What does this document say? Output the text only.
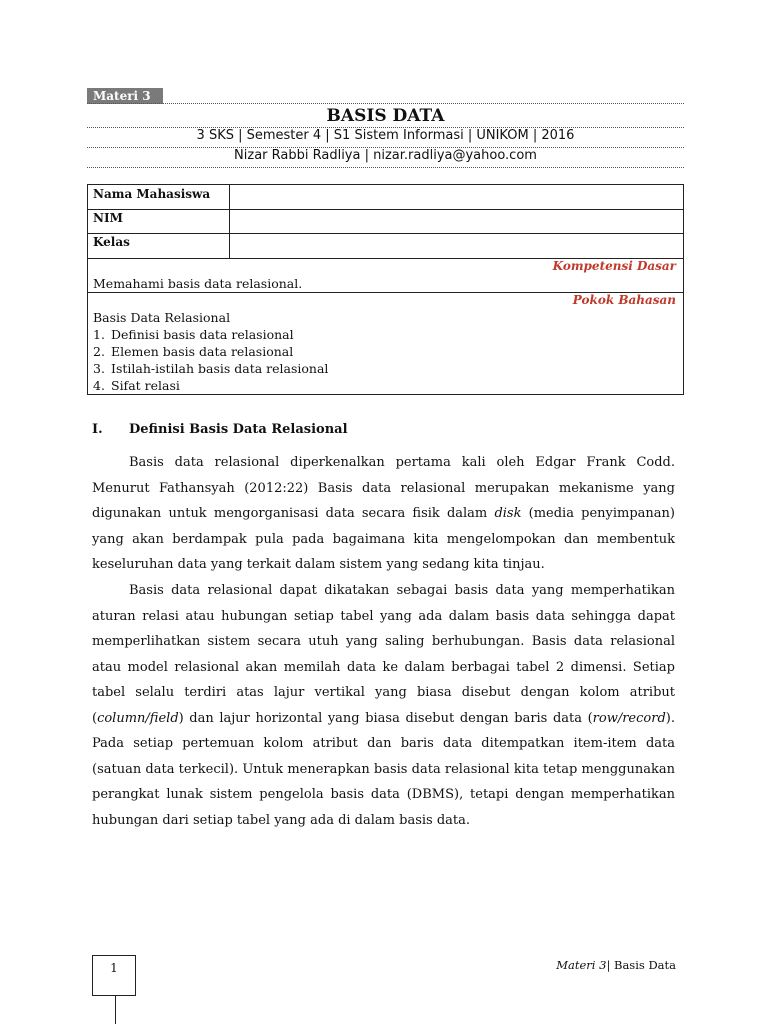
Materi 3
BASIS DATA
3 SKS | Semester 4 | S1 Sistem Informasi | UNIKOM | 2016
Nizar Rabbi Radliya | nizar.radliya@yahoo.com
Nama Mahasiswa
NIM
Kelas
Kompetensi Dasar
Memahami basis data relasional.
Pokok Bahasan
Basis Data Relasional
1. Definisi basis data relasional
2. Elemen basis data relasional
3. Istilah-istilah basis data relasional
4. Sifat relasi
I. Definisi Basis Data Relasional

Basis data relasional diperkenalkan pertama kali oleh Edgar Frank Codd. Menurut Fathansyah (2012:22) Basis data relasional merupakan mekanisme yang digunakan untuk mengorganisasi data secara fisik dalam disk (media penyimpanan) yang akan berdampak pula pada bagaimana kita mengelompokan dan membentuk keseluruhan data yang terkait dalam sistem yang sedang kita tinjau.

Basis data relasional dapat dikatakan sebagai basis data yang memperhatikan aturan relasi atau hubungan setiap tabel yang ada dalam basis data sehingga dapat memperlihatkan sistem secara utuh yang saling berhubungan. Basis data relasional atau model relasional akan memilah data ke dalam berbagai tabel 2 dimensi. Setiap tabel selalu terdiri atas lajur vertikal yang biasa disebut dengan kolom atribut (column/field) dan lajur horizontal yang biasa disebut dengan baris data (row/record). Pada setiap pertemuan kolom atribut dan baris data ditempatkan item-item data (satuan data terkecil). Untuk menerapkan basis data relasional kita tetap menggunakan perangkat lunak sistem pengelola basis data (DBMS), tetapi dengan memperhatikan hubungan dari setiap tabel yang ada di dalam basis data.

1	Materi 3| Basis Data
